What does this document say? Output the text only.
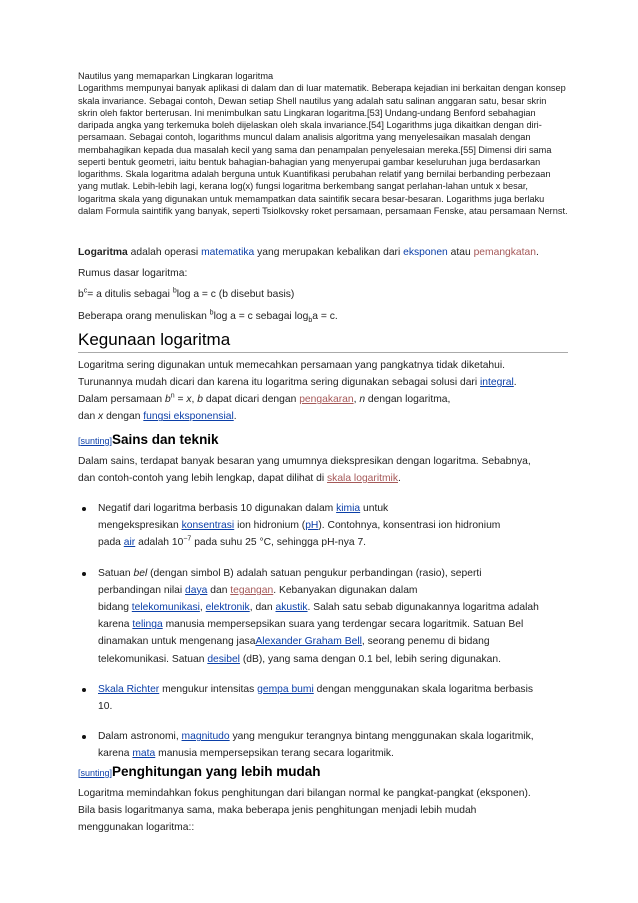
Nautilus yang memaparkan Lingkaran logaritma
Logarithms mempunyai banyak aplikasi di dalam dan di luar matematik. Beberapa kejadian ini berkaitan dengan konsep skala invariance. Sebagai contoh, Dewan setiap Shell nautilus yang adalah satu salinan anggaran satu, besar skrin skrin oleh faktor berterusan. Ini menimbulkan satu Lingkaran logaritma.[53] Undang-undang Benford sebahagian daripada angka yang terkemuka boleh dijelaskan oleh skala invariance.[54] Logarithms juga dikaitkan dengan diri-persamaan. Sebagai contoh, logarithms muncul dalam analisis algoritma yang menyelesaikan masalah dengan membahagikan kepada dua masalah kecil yang sama dan penampalan penyelesaian mereka.[55] Dimensi diri sama seperti bentuk geometri, iaitu bentuk bahagian-bahagian yang menyerupai gambar keseluruhan juga berdasarkan logarithms. Skala logaritma adalah berguna untuk Kuantifikasi perubahan relatif yang bernilai berbanding perbezaan yang mutlak. Lebih-lebih lagi, kerana log(x) fungsi logaritma berkembang sangat perlahan-lahan untuk x besar, logaritma skala yang digunakan untuk memampatkan data saintifik secara besar-besaran. Logarithms juga berlaku dalam Formula saintifik yang banyak, seperti Tsiolkovsky roket persamaan, persamaan Fenske, atau persamaan Nernst.

Logaritma adalah operasi matematika yang merupakan kebalikan dari eksponen atau pemangkatan.

Rumus dasar logaritma:

$b^c= a$ ditulis sebagai $^b$log a = c (b disebut basis)

Beberapa orang menuliskan $^b$log a = c sebagai $\log_ba = c$.

Kegunaan logaritma

Logaritma sering digunakan untuk memecahkan persamaan yang pangkatnya tidak diketahui.

Turunannya mudah dicari dan karena itu logaritma sering digunakan sebagai solusi dari integral.

Dalam persamaan $b^n = x$, b dapat dicari dengan pengakaran, n dengan logaritma,

dan x dengan fungsi eksponensial.

[sunting]Sains dan teknik

Dalam sains, terdapat banyak besaran yang umumnya diekspresikan dengan logaritma. Sebabnya,

dan contoh-contoh yang lebih lengkap, dapat dilihat di skala logaritmik.

Negatif dari logaritma berbasis 10 digunakan dalam kimia untuk
mengekspresikan konsentrasi ion hidronium (pH). Contohnya, konsentrasi ion hidronium
pada air adalah $10^{-7}$ pada suhu 25 °C, sehingga pH-nya 7.
Satuan bel (dengan simbol B) adalah satuan pengukur perbandingan (rasio), seperti
perbandingan nilai daya dan tegangan. Kebanyakan digunakan dalam
bidang telekomunikasi, elektronik, dan akustik. Salah satu sebab digunakannya logaritma adalah
karena telinga manusia mempersepsikan suara yang terdengar secara logaritmik. Satuan Bel
dinamakan untuk mengenang jasaAlexander Graham Bell, seorang penemu di bidang
telekomunikasi. Satuan desibel (dB), yang sama dengan 0.1 bel, lebih sering digunakan.
Skala Richter mengukur intensitas gempa bumi dengan menggunakan skala logaritma berbasis
10.
Dalam astronomi, magnitudo yang mengukur terangnya bintang menggunakan skala logaritmik,
karena mata manusia mempersepsikan terang secara logaritmik.
[sunting]Penghitungan yang lebih mudah

Logaritma memindahkan fokus penghitungan dari bilangan normal ke pangkat-pangkat (eksponen).

Bila basis logaritmanya sama, maka beberapa jenis penghitungan menjadi lebih mudah

menggunakan logaritma::
